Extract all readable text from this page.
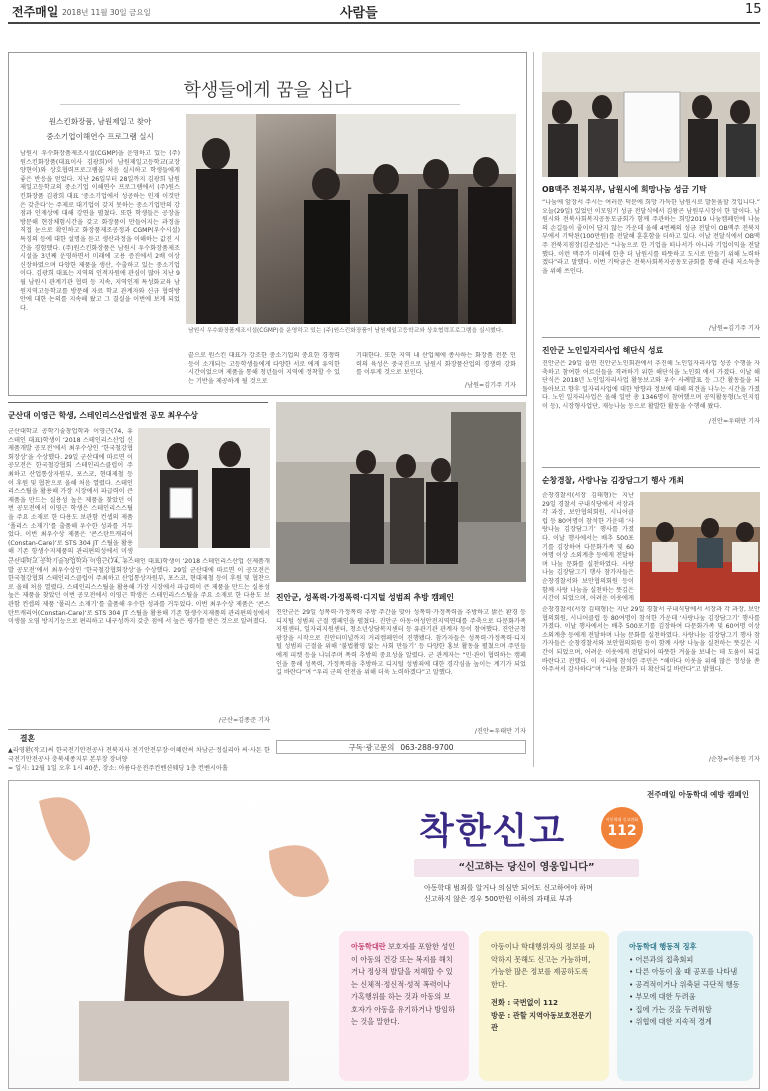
전주매일 2018년 11월 30일 금요일	사람들	15
학생들에게 꿈을 심다
원스킨화장품, 남원제일고 찾아
중소기업이해연수 프로그램 실시
남원시 우수화장품제조시설(CGMP)을 운영하고 있는 (주)원스킨화장품(대표이사 김광희)이 남원제일고등학교(교장 양현이)와 상호협력프로그램을 처음 실시하고 학생들에게 좋은 반응을 얻었다. 지난 26일부터 28일까지 김광희 남원제일고등학교의 중소기업 이해연수 프로그램에서 (주)원스킨화장품 김광희 대표 ‘중소기업에서 성공하는 인재 이것만은 갖춘다’는 주제로 대기업이 갖지 못하는 중소기업만의 강점과 인재상에 대해 강연을 펼쳤다. 또한 학생들은 공장을 방문해 현장체험시간을 갖고 화장품이 만들어지는 과정을 직접 눈으로 확인하고 화장품제조공정과 CGMP(우수시설) 특징의 등에 대한 설명을 듣고 생산과정을 이해하는 값진 시간을 경험했다. (주)원스킨화장품은 남원시 우수화장품제조시설을 3년째 운영하면서 미래에 고용 증진에서 2배 이상 신장하였으며 다양한 제품을 생산, 수출하고 있는 중소기업이다. 김광희 대표는 지역의 인적자원에 관심이 많아 지난 9월 남원시 관계기관 협력 등 지속, 지역인재 특성화교육 남원지역고등학교를 방문해 자료 학교 관계자와 신규 협력방안에 대한 논의를 지속해 왔고 그 결실을 이번에 보게 되었다.
남원시 우수화장품제조시설(CGMP)을 운영하고 있는 (주)원스킨화장품이 남원제일고등학교와 상호협력프로그램을 실시했다.
끝으로 원스킨 대표가 강조한 중소기업의 중요한 경쟁력 등이 소개되는 고등학생들에게 다양한 서로 에게 유익한 시간이었으며 제품을 통해 청년들이 지역에 정착할 수 있는 기반을 제공하게 될 것으로
기대한다. 또한 지역 내 산업체에 종사하는 화장품 전문 인력의 육성은 중국진으로 남원시 화장품산업의 경쟁력 강화를 이루게 것으로 보인다.
/남원=김기주 기자
OB맥주 전북지부, 남원시에 희망나눔 성금 기탁
“나눔에 앞장서 주시는 여러분 덕분에 희망 가득한 남원시로 발돋움할 것입니다.” 오늘(29일) 있었던 이모임기 성금 전달식에서 김왕곤 남원부시장이 한 말이다. 남원시와 전북사회복지공동모금회가 함께 주관하는 희망2019 나눔캠페인에 나눔의 손길들이 줄이어 답지 않는 가운데 올해 4번째의 성금 전달이 OB맥주 전북지부에서 기탁된(100만원)를 전달해 훈훈함을 더하고 있다. 이날 전달식에서 OB맥주 전북지점장(김준섭)은 “나눔으로 한 기업을 떠나서가 아니라 기업이익을 전달했다. 이런 맥주가 미래에 한층 더 남원시를 따뜻하고 도시로 만들기 위해 노력하겠다”라고 말했다. 이번 기탁금은 전북사회복지공동모금회를 통해 관내 저소득층을 위해 쓰인다.
/남원=김기주 기자
진안군 노인일자리사업 해단식 성료
진안군은 29일 읍면 진안군노인회관에서 추진해 노인일자리사업 성공 수행을 자축하고 참여한 어르신들을 격려하기 위한 해단식을 노인회 에서 가졌다. 이날 해단식은 2018년 노인일자리사업 활동보고와 우수 사례발표 등 그간 활동들을 되돌아보고 향후 일자리사업에 대한 방향과 정보에 대해 의견을 나누는 시간을 가졌다. 노인 일자리사업은 올해 일반 총 1346명이 참여했으며 공익활동형(노인지킴이 등), 시장형사업단, 재능나눔 등으로 활발한 활동을 수행해 왔다.
/진안=우태만 기자
순창경찰, 사랑나눔 김장담그기 행사 개최
순창경찰서(서장 김태형)는 지난 29일 경찰서 구내식당에서 서장과 각 과장, 보안협의회원, 시니어클럽 등 80여명이 참석한 가운데 ‘사랑나눔 김장담그기’ 행사를 가졌다. 이날 행사에서는 배추 500포기를 김장하여 다문화가족 및 60여명 이상 소외계층 등에게 전달하며 나눔 문화를 실천하였다. 사랑나눔 김장담그기 행사 참가자들은 순창경찰서와 보안협의회원 등이 함께 사랑 나눔을 실천하는 뜻깊은 시간이 되었으며, 어려운 이웃에게
순창경찰서(서장 김태형)는 지난 29일 경찰서 구내식당에서 서장과 각 과장, 보안협의회원, 시니어클럽 등 80여명이 참석한 가운데 ‘사랑나눔 김장담그기’ 행사를 가졌다. 이날 행사에서는 배추 500포기를 김장하여 다문화가족 및 60여명 이상 소외계층 등에게 전달하며 나눔 문화를 실천하였다. 사랑나눔 김장담그기 행사 참가자들은 순창경찰서와 보안협의회원 등이 함께 사랑 나눔을 실천하는 뜻깊은 시간이 되었으며, 어려운 이웃에게 전달되어 따뜻한 겨울을 보내는 데 도움이 되길 바란다고 전했다. 이 자리에 참석한 주민은 “해마다 이웃을 위해 많은 정성을 쏟아주셔서 감사하다”며 “나눔 문화가 더 확산되길 바란다”고 밝혔다.
/순창=이용원 기자
군산대 이영근 학생, 스테인리스산업발전 공모 최우수상
군산대학교 공학기술창업학과 이영근(74, 유스테인 대표)학생이 ‘2018 스테인리스산업 신제품개발 공모전’에서 최우수상인 ‘한국철강협회장상’을 수상했다. 29일 군산대에 따르면 이 공모전은 한국철강협회 스테인리스클럽이 주최하고 산업통상자원부, 포스코, 현대제철 등이 후원 및 협찬으로 올해 처음 열렸다. 스테인리스스틸을 활용해 가장 시장에서 파급력이 큰 제품을 만드는 실용성 높은 제품을 찾았던 이번 공모전에서 이영근 학생은 스테인리스스틸을 주요 소재로 한 다용도 보관함 컨셉의 제품 ‘폴리스 소재기’를 출품해 우수한 성과를 거두었다. 이번 최우수상 제품은 ‘콘스탄트캐리어(Constan-Care)’로 STS 304 JT 스틸을 활용해 기존 항생수지제품의 관리편의성에서 미생
군산대학교 공학기술창업학과 이영근(74, 유스테인 대표)학생이 ‘2018 스테인리스산업 신제품개발 공모전’에서 최우수상인 ‘한국철강협회장상’을 수상했다. 29일 군산대에 따르면 이 공모전은 한국철강협회 스테인리스클럽이 주최하고 산업통상자원부, 포스코, 현대제철 등이 후원 및 협찬으로 올해 처음 열렸다. 스테인리스스틸을 활용해 가장 시장에서 파급력이 큰 제품을 만드는 실용성 높은 제품을 찾았던 이번 공모전에서 이영근 학생은 스테인리스스틸을 주요 소재로 한 다용도 보관함 컨셉의 제품 ‘폴리스 소재기’를 출품해 우수한 성과를 거두었다. 이번 최우수상 제품은 ‘콘스탄트캐리어(Constan-Care)’로 STS 304 JT 스틸을 활용해 기존 항생수지제품의 관리편의성에서 미생물 오염 방지기능으로 편리하고 내구성까지 갖춘 점에 서 높은 평가를 받은 것으로 알려졌다.
/군산=김종준 기자
결혼
▲라영환(작고)씨 한국전기안전공사 전북지사 전기안전부장·이혜란씨 차남군·정실리아 씨·사돈 한국전기안전공사 충북세종지부 본부장 장녀양
= 일시: 12월 1일 오후 1시 40분, 장소: 아름다운전주컨벤션웨딩 1층 컨벤시아홀
진안군, 성폭력·가정폭력·디지털 성범죄 추방 캠페인
진안군은 29일 성폭력·가정폭력 추방 주간을 맞아 성폭력·가정폭력을 추방하고 밝은 환경 등 디지털 성범죄 근절 캠페인을 펼쳤다. 진안군 아동·여성안전지역연대를 주축으로 다문화가족지원센터, 일자리지원센터, 청소년상담복지센터 등 유관기관 관계자 등이 참여했다. 진안군청 광장을 시작으로 진안터미널까지 거리캠페인이 진행됐다. 참가자들은 성폭력·가정폭력·디지털 성범죄 근절을 위해 ‘불법촬영 없는 사회 만들기’ 등 다양한 홍보 활동을 펼쳤으며 주민들에게 피켓 등을 나눠주며 폭력 추방의 중요성을 알렸다. 군 관계자는 “민·관이 협력하는 캠페인을 통해 성폭력, 가정폭력을 추방하고 디지털 성범죄에 대한 경각심을 높이는 계기가 되었길 바란다”며 “우리 군의 안전을 위해 더욱 노력하겠다”고 말했다.
/진안=우태만 기자
구독·광고문의 063-288-9700
전주매일 아동학대 예방 캠페인
착한신고	아동학대 신고전화
112
“신고하는 당신이 영웅입니다”
아동학대 범죄를 알거나 의심만 되어도 신고하여야 하며
신고하지 않은 경우 500만원 이하의 과태료 부과
아동학대란 보호자를 포함한 성인이 아동의 건강 또는 복지를 해치거나 정상적 발달을 저해할 수 있는 신체적·정신적·성적 폭력이나 가혹행위를 하는 것과 아동의 보호자가 아동을 유기하거나 방임하는 것을 말한다.
아동이나 학대행위자의 정보를 파악하지 못해도 신고는 가능하며, 가능한 많은 정보를 제공하도록 한다.
전화 : 국번없이 112
방문 : 관할 지역아동보호전문기관
아동학대 행동적 징후
• 어른과의 접촉회피
• 다른 아동이 울 때 공포를 나타냄
• 공격적이거나 위축된 극단적 행동
• 부모에 대한 두려움
• 집에 가는 것을 두려워함
• 위협에 대한 지속적 경계
